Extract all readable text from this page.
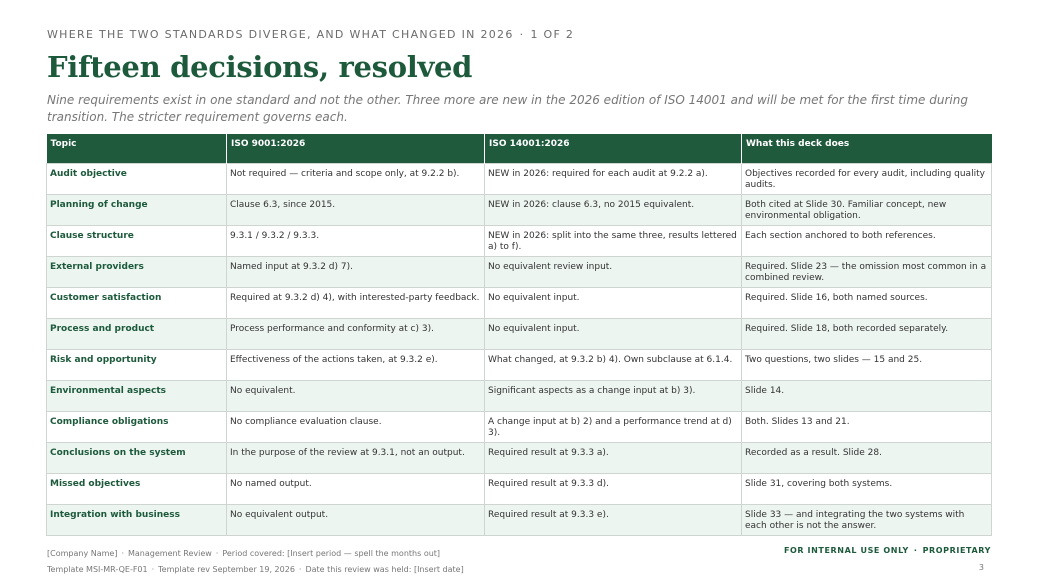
WHERE THE TWO STANDARDS DIVERGE, AND WHAT CHANGED IN 2026 · 1 OF 2
Fifteen decisions, resolved
Nine requirements exist in one standard and not the other. Three more are new in the 2026 edition of ISO 14001 and will be met for the first time during transition. The stricter requirement governs each.
Topic	ISO 9001:2026	ISO 14001:2026	What this deck does
Audit objective	Not required — criteria and scope only, at 9.2.2 b).	NEW in 2026: required for each audit at 9.2.2 a).	Objectives recorded for every audit, including quality audits.
Planning of change	Clause 6.3, since 2015.	NEW in 2026: clause 6.3, no 2015 equivalent.	Both cited at Slide 30. Familiar concept, new environmental obligation.
Clause structure	9.3.1 / 9.3.2 / 9.3.3.	NEW in 2026: split into the same three, results lettered a) to f).	Each section anchored to both references.
External providers	Named input at 9.3.2 d) 7).	No equivalent review input.	Required. Slide 23 — the omission most common in a combined review.
Customer satisfaction	Required at 9.3.2 d) 4), with interested-party feedback.	No equivalent input.	Required. Slide 16, both named sources.
Process and product	Process performance and conformity at c) 3).	No equivalent input.	Required. Slide 18, both recorded separately.
Risk and opportunity	Effectiveness of the actions taken, at 9.3.2 e).	What changed, at 9.3.2 b) 4). Own subclause at 6.1.4.	Two questions, two slides — 15 and 25.
Environmental aspects	No equivalent.	Significant aspects as a change input at b) 3).	Slide 14.
Compliance obligations	No compliance evaluation clause.	A change input at b) 2) and a performance trend at d) 3).	Both. Slides 13 and 21.
Conclusions on the system	In the purpose of the review at 9.3.1, not an output.	Required result at 9.3.3 a).	Recorded as a result. Slide 28.
Missed objectives	No named output.	Required result at 9.3.3 d).	Slide 31, covering both systems.
Integration with business	No equivalent output.	Required result at 9.3.3 e).	Slide 33 — and integrating the two systems with each other is not the answer.
[Company Name] · Management Review · Period covered: [Insert period — spell the months out]
Template MSI-MR-QE-F01 · Template rev September 19, 2026 · Date this review was held: [Insert date]
FOR INTERNAL USE ONLY · PROPRIETARY
3
